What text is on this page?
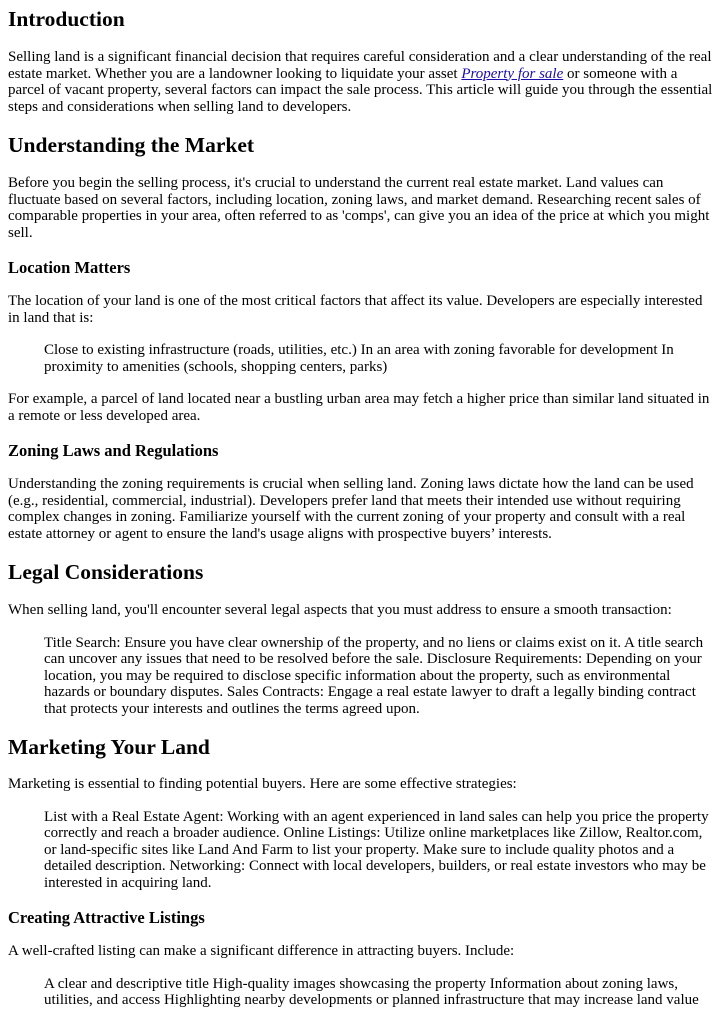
Introduction

Selling land is a significant financial decision that requires careful consideration and a clear understanding of the real estate market. Whether you are a landowner looking to liquidate your asset Property for sale or someone with a parcel of vacant property, several factors can impact the sale process. This article will guide you through the essential steps and considerations when selling land to developers.

Understanding the Market

Before you begin the selling process, it's crucial to understand the current real estate market. Land values can fluctuate based on several factors, including location, zoning laws, and market demand. Researching recent sales of comparable properties in your area, often referred to as 'comps', can give you an idea of the price at which you might sell.

Location Matters

The location of your land is one of the most critical factors that affect its value. Developers are especially interested in land that is:

Close to existing infrastructure (roads, utilities, etc.) In an area with zoning favorable for development In proximity to amenities (schools, shopping centers, parks)

For example, a parcel of land located near a bustling urban area may fetch a higher price than similar land situated in a remote or less developed area.

Zoning Laws and Regulations

Understanding the zoning requirements is crucial when selling land. Zoning laws dictate how the land can be used (e.g., residential, commercial, industrial). Developers prefer land that meets their intended use without requiring complex changes in zoning. Familiarize yourself with the current zoning of your property and consult with a real estate attorney or agent to ensure the land's usage aligns with prospective buyers’ interests.

Legal Considerations

When selling land, you'll encounter several legal aspects that you must address to ensure a smooth transaction:

Title Search: Ensure you have clear ownership of the property, and no liens or claims exist on it. A title search can uncover any issues that need to be resolved before the sale. Disclosure Requirements: Depending on your location, you may be required to disclose specific information about the property, such as environmental hazards or boundary disputes. Sales Contracts: Engage a real estate lawyer to draft a legally binding contract that protects your interests and outlines the terms agreed upon.
Marketing Your Land

Marketing is essential to finding potential buyers. Here are some effective strategies:

List with a Real Estate Agent: Working with an agent experienced in land sales can help you price the property correctly and reach a broader audience. Online Listings: Utilize online marketplaces like Zillow, Realtor.com, or land-specific sites like Land And Farm to list your property. Make sure to include quality photos and a detailed description. Networking: Connect with local developers, builders, or real estate investors who may be interested in acquiring land.
Creating Attractive Listings

A well-crafted listing can make a significant difference in attracting buyers. Include:

A clear and descriptive title High-quality images showcasing the property Information about zoning laws, utilities, and access Highlighting nearby developments or planned infrastructure that may increase land value
